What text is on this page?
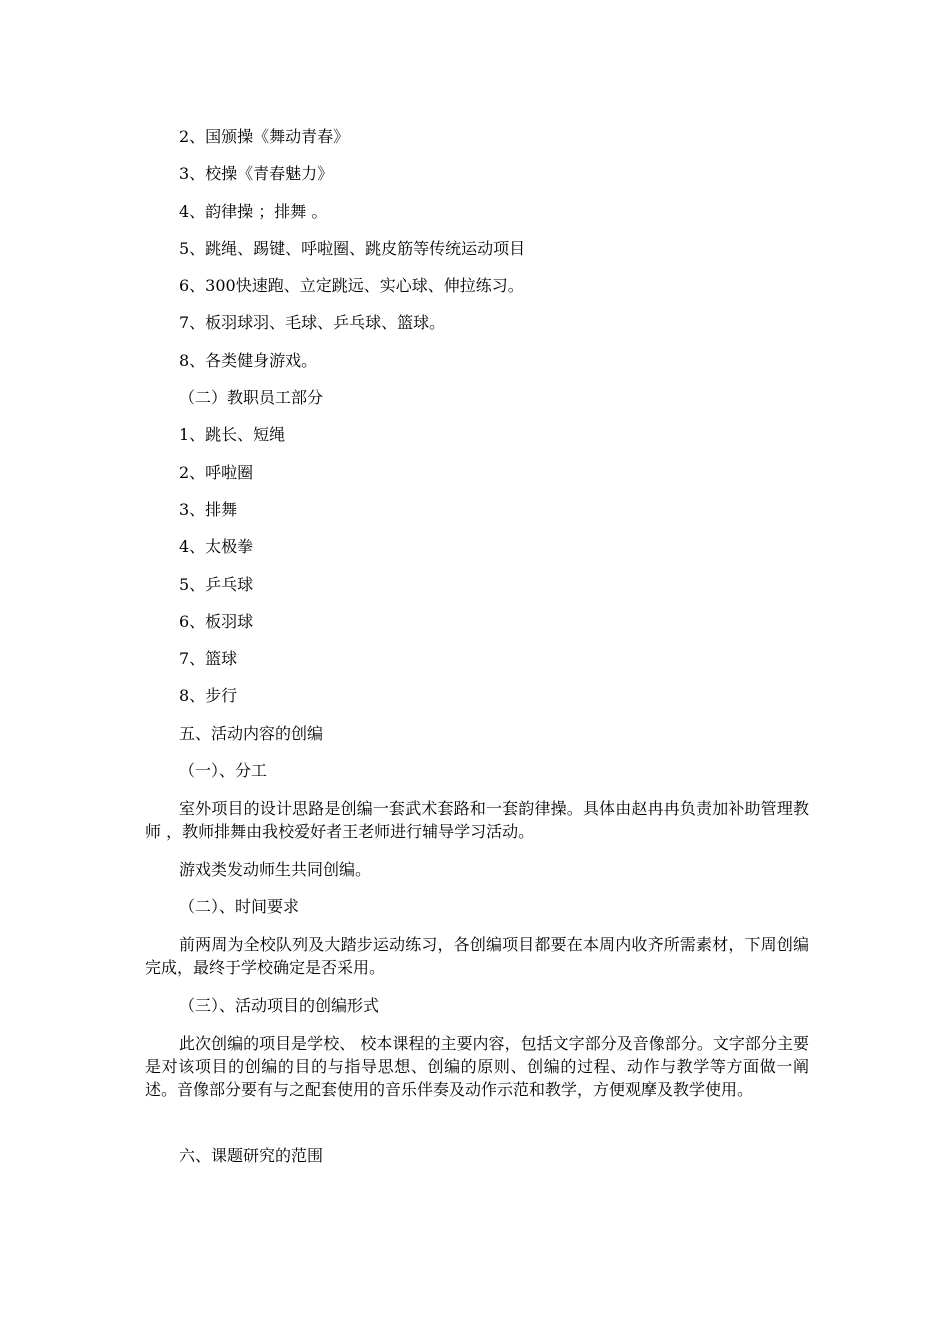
2、国颁操《舞动青春》
3、校操《青春魅力》
4、韵律操 ；排舞 。
5、跳绳、踢键、呼啦圈、跳皮筋等传统运动项目
6、300快速跑、立定跳远、实心球、伸拉练习。
7、板羽球羽、毛球、乒乓球、篮球。
8、各类健身游戏。
（二）教职员工部分
1、跳长、短绳
2、呼啦圈
3、排舞
4、太极拳
5、乒乓球
6、板羽球
7、篮球
8、步行
五、活动内容的创编
（一）、分工
室外项目的设计思路是创编一套武术套路和一套韵律操。具体由赵冉冉负责加补助管理教师 ，教师排舞由我校爱好者王老师进行辅导学习活动。
游戏类发动师生共同创编。
（二）、时间要求
前两周为全校队列及大踏步运动练习，各创编项目都要在本周内收齐所需素材，下周创编完成，最终于学校确定是否采用。
（三）、活动项目的创编形式
此次创编的项目是学校、 校本课程的主要内容，包括文字部分及音像部分。文字部分主要是对该项目的创编的目的与指导思想、创编的原则、创编的过程、动作与教学等方面做一阐述。音像部分要有与之配套使用的音乐伴奏及动作示范和教学，方便观摩及教学使用。
六、课题研究的范围
